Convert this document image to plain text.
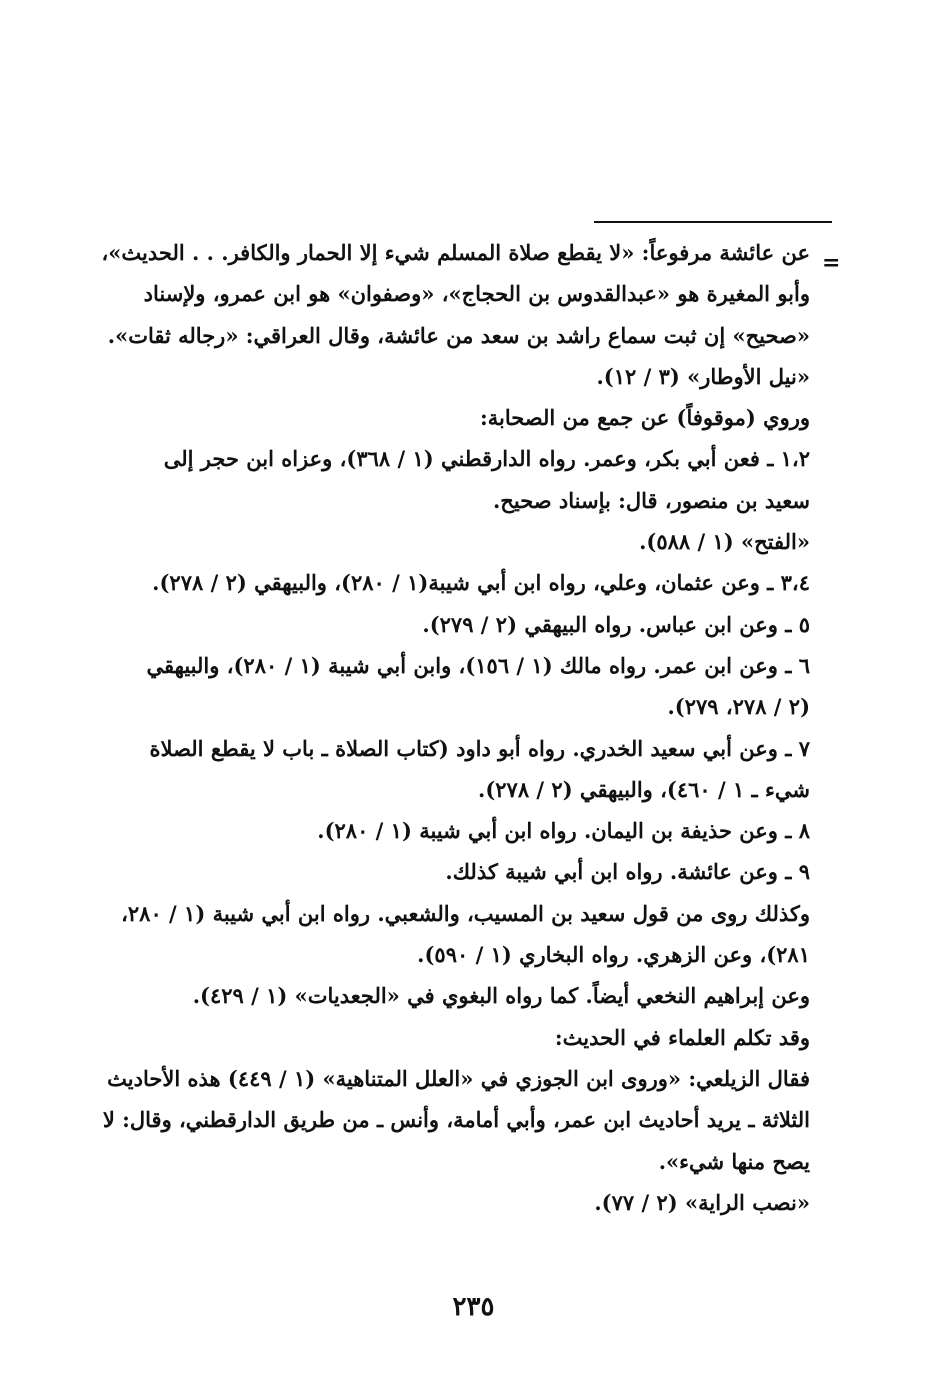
=
عن عائشة مرفوعاً: «لا يقطع صلاة المسلم شيء إلا الحمار والكافر. . . الحديث»،
وأبو المغيرة هو «عبدالقدوس بن الحجاج»، «وصفوان» هو ابن عمرو، ولإسناد
«صحيح» إن ثبت سماع راشد بن سعد من عائشة، وقال العراقي: «رجاله ثقات».
«نيل الأوطار» (٣ / ١٢).
وروي (موقوفاً) عن جمع من الصحابة:
١،٢ ـ فعن أبي بكر، وعمر. رواه الدارقطني (١ / ٣٦٨)، وعزاه ابن حجر إلى
سعيد بن منصور، قال: بإسناد صحيح.
«الفتح» (١ / ٥٨٨).
٣،٤ ـ وعن عثمان، وعلي، رواه ابن أبي شيبة(١ / ٢٨٠)، والبيهقي (٢ / ٢٧٨).
٥ ـ وعن ابن عباس. رواه البيهقي (٢ / ٢٧٩).
٦ ـ وعن ابن عمر. رواه مالك (١ / ١٥٦)، وابن أبي شيبة (١ / ٢٨٠)، والبيهقي
(٢ / ٢٧٨، ٢٧٩).
٧ ـ وعن أبي سعيد الخدري. رواه أبو داود (كتاب الصلاة ـ باب لا يقطع الصلاة
شيء ـ ١ / ٤٦٠)، والبيهقي (٢ / ٢٧٨).
٨ ـ وعن حذيفة بن اليمان. رواه ابن أبي شيبة (١ / ٢٨٠).
٩ ـ وعن عائشة. رواه ابن أبي شيبة كذلك.
وكذلك روى من قول سعيد بن المسيب، والشعبي. رواه ابن أبي شيبة (١ / ٢٨٠،
٢٨١)، وعن الزهري. رواه البخاري (١ / ٥٩٠).
وعن إبراهيم النخعي أيضاً. كما رواه البغوي في «الجعديات» (١ / ٤٢٩).
وقد تكلم العلماء في الحديث:
فقال الزيلعي: «وروى ابن الجوزي في «العلل المتناهية» (١ / ٤٤٩) هذه الأحاديث
الثلاثة ـ يريد أحاديث ابن عمر، وأبي أمامة، وأنس ـ من طريق الدارقطني، وقال: لا
يصح منها شيء».
«نصب الراية» (٢ / ٧٧).
٢٣٥
